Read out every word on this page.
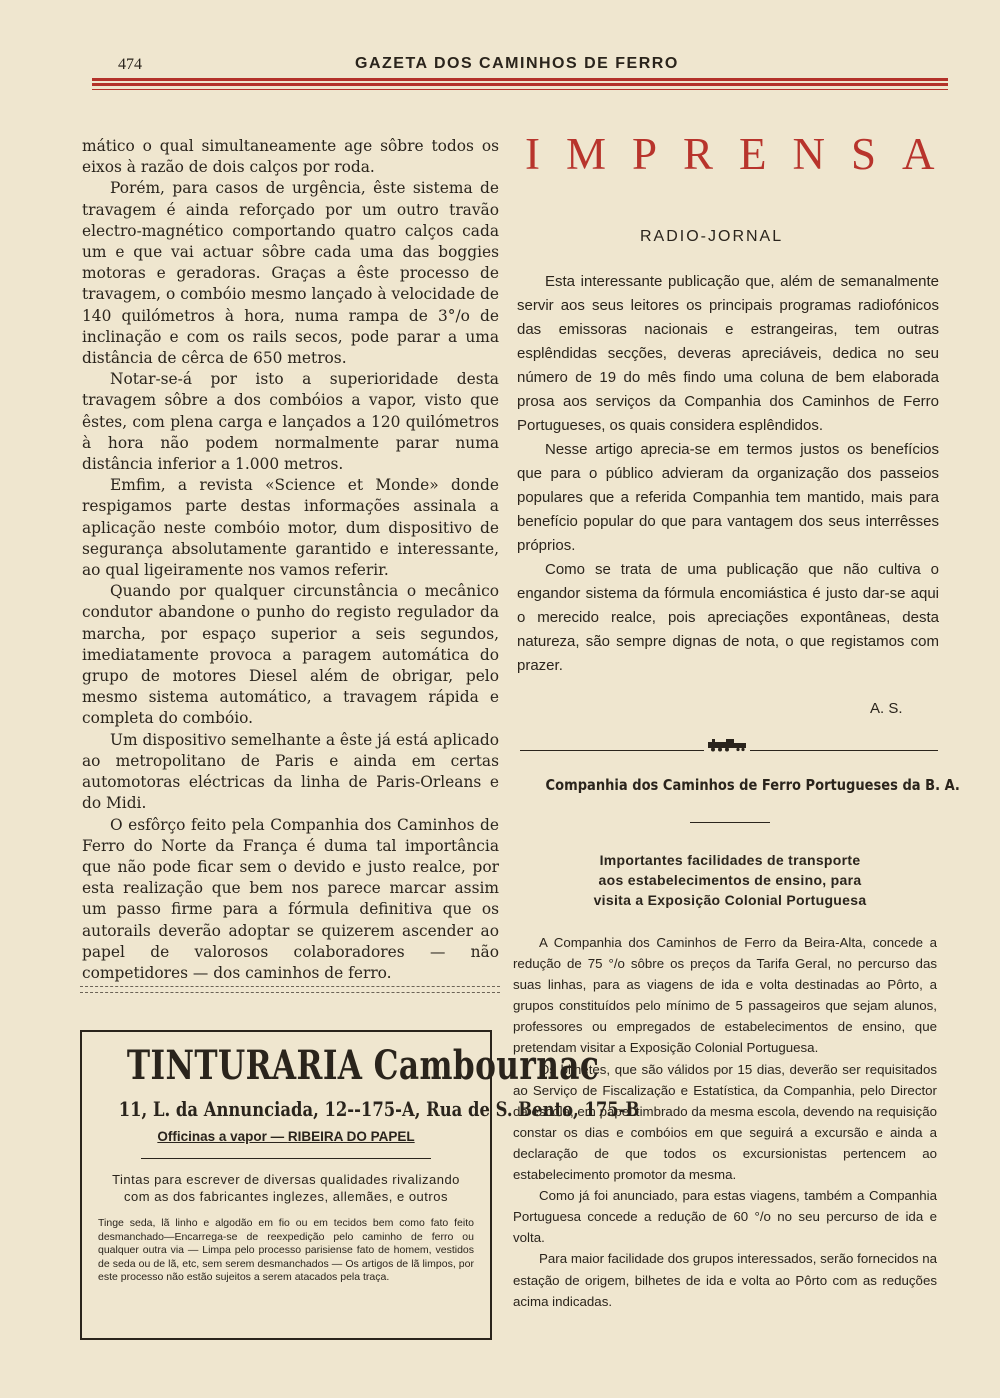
474	GAZETA DOS CAMINHOS DE FERRO

mático o qual simultaneamente age sôbre todos os eixos à razão de dois calços por roda.

Porém, para casos de urgência, êste sistema de travagem é ainda reforçado por um outro travão electro-magnético comportando quatro calços cada um e que vai actuar sôbre cada uma das boggies motoras e geradoras. Graças a êste processo de travagem, o combóio mesmo lançado à velocidade de 140 quilómetros à hora, numa rampa de 3°/o de inclinação e com os rails secos, pode parar a uma distância de cêrca de 650 metros.

Notar-se-á por isto a superioridade desta travagem sôbre a dos combóios a vapor, visto que êstes, com plena carga e lançados a 120 quilómetros à hora não podem normalmente parar numa distância inferior a 1.000 metros.

Emfim, a revista «Science et Monde» donde respigamos parte destas informações assinala a aplicação neste combóio motor, dum dispositivo de segurança absolutamente garantido e interessante, ao qual ligeiramente nos vamos referir.

Quando por qualquer circunstância o mecânico condutor abandone o punho do registo regulador da marcha, por espaço superior a seis segundos, imediatamente provoca a paragem automática do grupo de motores Diesel além de obrigar, pelo mesmo sistema automático, a travagem rápida e completa do combóio.

Um dispositivo semelhante a êste já está aplicado ao metropolitano de Paris e ainda em certas automotoras eléctricas da linha de Paris-Orleans e do Midi.

O esfôrço feito pela Companhia dos Caminhos de Ferro do Norte da França é duma tal importância que não pode ficar sem o devido e justo realce, por esta realização que bem nos parece marcar assim um passo firme para a fórmula definitiva que os autorails deverão adoptar se quizerem ascender ao papel de valorosos colaboradores — não competidores — dos caminhos de ferro.

TINTURARIA Cambournac
11, L. da Annunciada, 12--175-A, Rua de S. Bento, 175-B
Officinas a vapor — RIBEIRA DO PAPEL
Tintas para escrever de diversas qualidades rivalizando com as dos fabricantes inglezes, allemães, e outros
Tinge seda, lã linho e algodão em fio ou em tecidos bem como fato feito desmanchado—Encarrega-se de reexpedição pelo caminho de ferro ou qualquer outra via — Limpa pelo processo parisiense fato de homem, vestidos de seda ou de lã, etc, sem serem desmanchados — Os artigos de lã limpos, por este processo não estão sujeitos a serem atacados pela traça.
IMPRENSA
RADIO-JORNAL

Esta interessante publicação que, além de semanalmente servir aos seus leitores os principais programas radiofónicos das emissoras nacionais e estrangeiras, tem outras esplêndidas secções, deveras apreciáveis, dedica no seu número de 19 do mês findo uma coluna de bem elaborada prosa aos serviços da Companhia dos Caminhos de Ferro Portugueses, os quais considera esplêndidos.

Nesse artigo aprecia-se em termos justos os benefícios que para o público advieram da organização dos passeios populares que a referida Companhia tem mantido, mais para benefício popular do que para vantagem dos seus interrêsses próprios.

Como se trata de uma publicação que não cultiva o engandor sistema da fórmula encomiástica é justo dar-se aqui o merecido realce, pois apreciações expontâneas, desta natureza, são sempre dignas de nota, o que registamos com prazer.

A. S.
Companhia dos Caminhos de Ferro Portugueses da B. A.
Importantes facilidades de transporte
aos estabelecimentos de ensino, para
visita a Exposição Colonial Portuguesa

A Companhia dos Caminhos de Ferro da Beira-Alta, concede a redução de 75 °/o sôbre os preços da Tarifa Geral, no percurso das suas linhas, para as viagens de ida e volta destinadas ao Pôrto, a grupos constituídos pelo mínimo de 5 passageiros que sejam alunos, professores ou empregados de estabelecimentos de ensino, que pretendam visitar a Exposição Colonial Portuguesa.

Os bilhetes, que são válidos por 15 dias, deverão ser requisitados ao Serviço de Fiscalização e Estatística, da Companhia, pelo Director da escola, em papel timbrado da mesma escola, devendo na requisição constar os dias e combóios em que seguirá a excursão e ainda a declaração de que todos os excursionistas pertencem ao estabelecimento promotor da mesma.

Como já foi anunciado, para estas viagens, também a Companhia Portuguesa concede a redução de 60 °/o no seu percurso de ida e volta.

Para maior facilidade dos grupos interessados, serão fornecidos na estação de origem, bilhetes de ida e volta ao Pôrto com as reduções acima indicadas.
